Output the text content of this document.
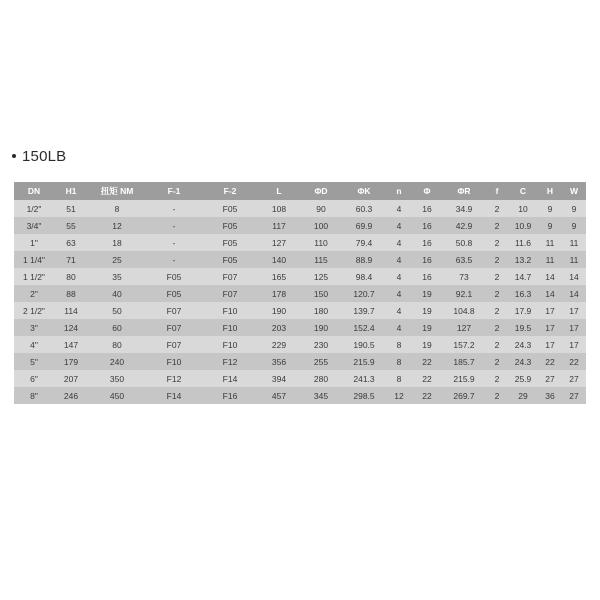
150LB
DN	H1	扭矩 NM	F-1	F-2	L	ΦD	ΦK	n	Φ	ΦR	f	C	H	W
1/2"	51	8	-	F05	108	90	60.3	4	16	34.9	2	10	9	9
3/4"	55	12	-	F05	117	100	69.9	4	16	42.9	2	10.9	9	9
1"	63	18	-	F05	127	110	79.4	4	16	50.8	2	11.6	11	11
1 1/4"	71	25	-	F05	140	115	88.9	4	16	63.5	2	13.2	11	11
1 1/2"	80	35	F05	F07	165	125	98.4	4	16	73	2	14.7	14	14
2"	88	40	F05	F07	178	150	120.7	4	19	92.1	2	16.3	14	14
2 1/2"	114	50	F07	F10	190	180	139.7	4	19	104.8	2	17.9	17	17
3"	124	60	F07	F10	203	190	152.4	4	19	127	2	19.5	17	17
4"	147	80	F07	F10	229	230	190.5	8	19	157.2	2	24.3	17	17
5"	179	240	F10	F12	356	255	215.9	8	22	185.7	2	24.3	22	22
6"	207	350	F12	F14	394	280	241.3	8	22	215.9	2	25.9	27	27
8"	246	450	F14	F16	457	345	298.5	12	22	269.7	2	29	36	27
